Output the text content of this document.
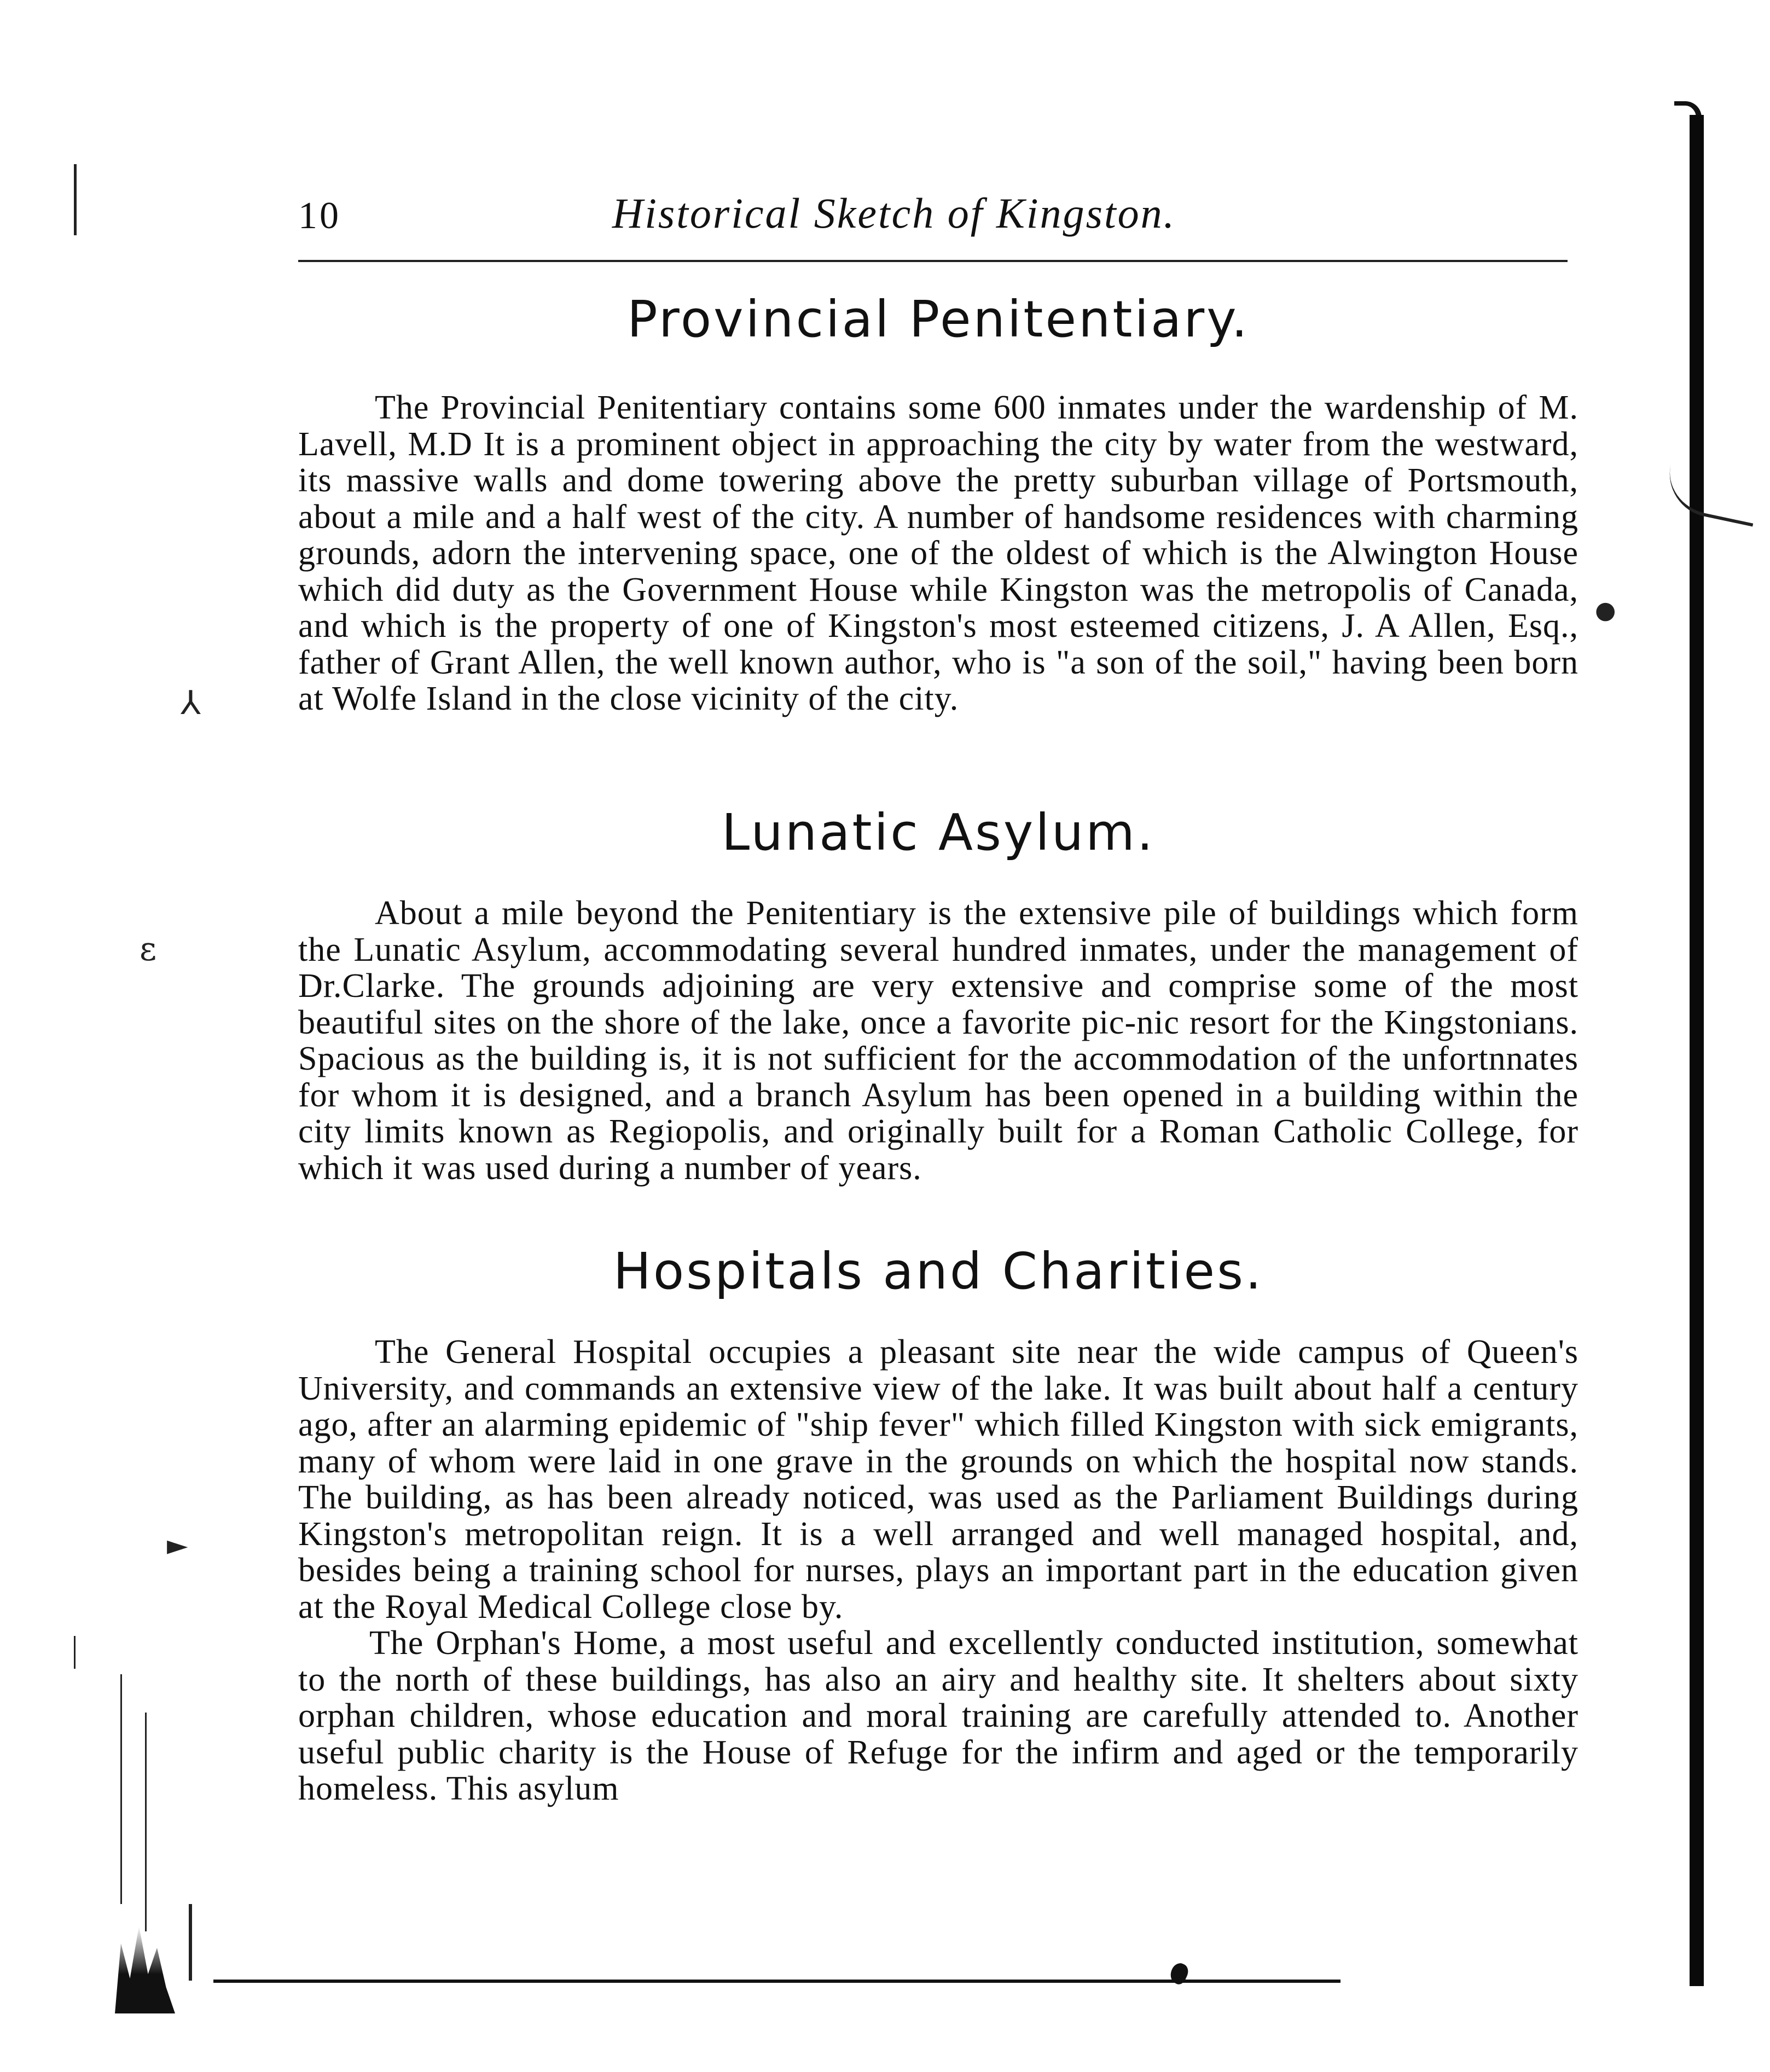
⅄
ɛ
►
●
10	Historical Sketch of Kingston.
Provincial Penitentiary.

The Provincial Penitentiary contains some 600 inmates under the wardenship of M. Lavell, M.D It is a prominent object in approaching the city by water from the westward, its massive walls and dome towering above the pretty suburban village of Portsmouth, about a mile and a half west of the city. A number of handsome residences with charming grounds, adorn the intervening space, one of the oldest of which is the Alwington House which did duty as the Government House while Kingston was the metropolis of Canada, and which is the property of one of Kingston's most esteemed citizens, J. A Allen, Esq., father of Grant Allen, the well known author, who is "a son of the soil," having been born at Wolfe Island in the close vicinity of the city.

Lunatic Asylum.

About a mile beyond the Penitentiary is the extensive pile of buildings which form the Lunatic Asylum, accommodating several hundred inmates, under the management of Dr.Clarke. The grounds adjoining are very extensive and comprise some of the most beautiful sites on the shore of the lake, once a favorite pic-nic resort for the Kingstonians. Spacious as the building is, it is not sufficient for the accommodation of the unfortnnates for whom it is designed, and a branch Asylum has been opened in a building within the city limits known as Regiopolis, and originally built for a Roman Catholic College, for which it was used during a number of years.

Hospitals and Charities.

The General Hospital occupies a pleasant site near the wide campus of Queen's University, and commands an extensive view of the lake. It was built about half a century ago, after an alarming epidemic of "ship fever" which filled Kingston with sick emigrants, many of whom were laid in one grave in the grounds on which the hospital now stands. The building, as has been already noticed, was used as the Parliament Buildings during Kingston's metropolitan reign. It is a well arranged and well managed hospital, and, besides being a training school for nurses, plays an important part in the education given at the Royal Medical College close by.

The Orphan's Home, a most useful and excellently conducted institution, somewhat to the north of these buildings, has also an airy and healthy site. It shelters about sixty orphan children, whose education and moral training are carefully attended to. Another useful public charity is the House of Refuge for the infirm and aged or the temporarily homeless. This asylum
